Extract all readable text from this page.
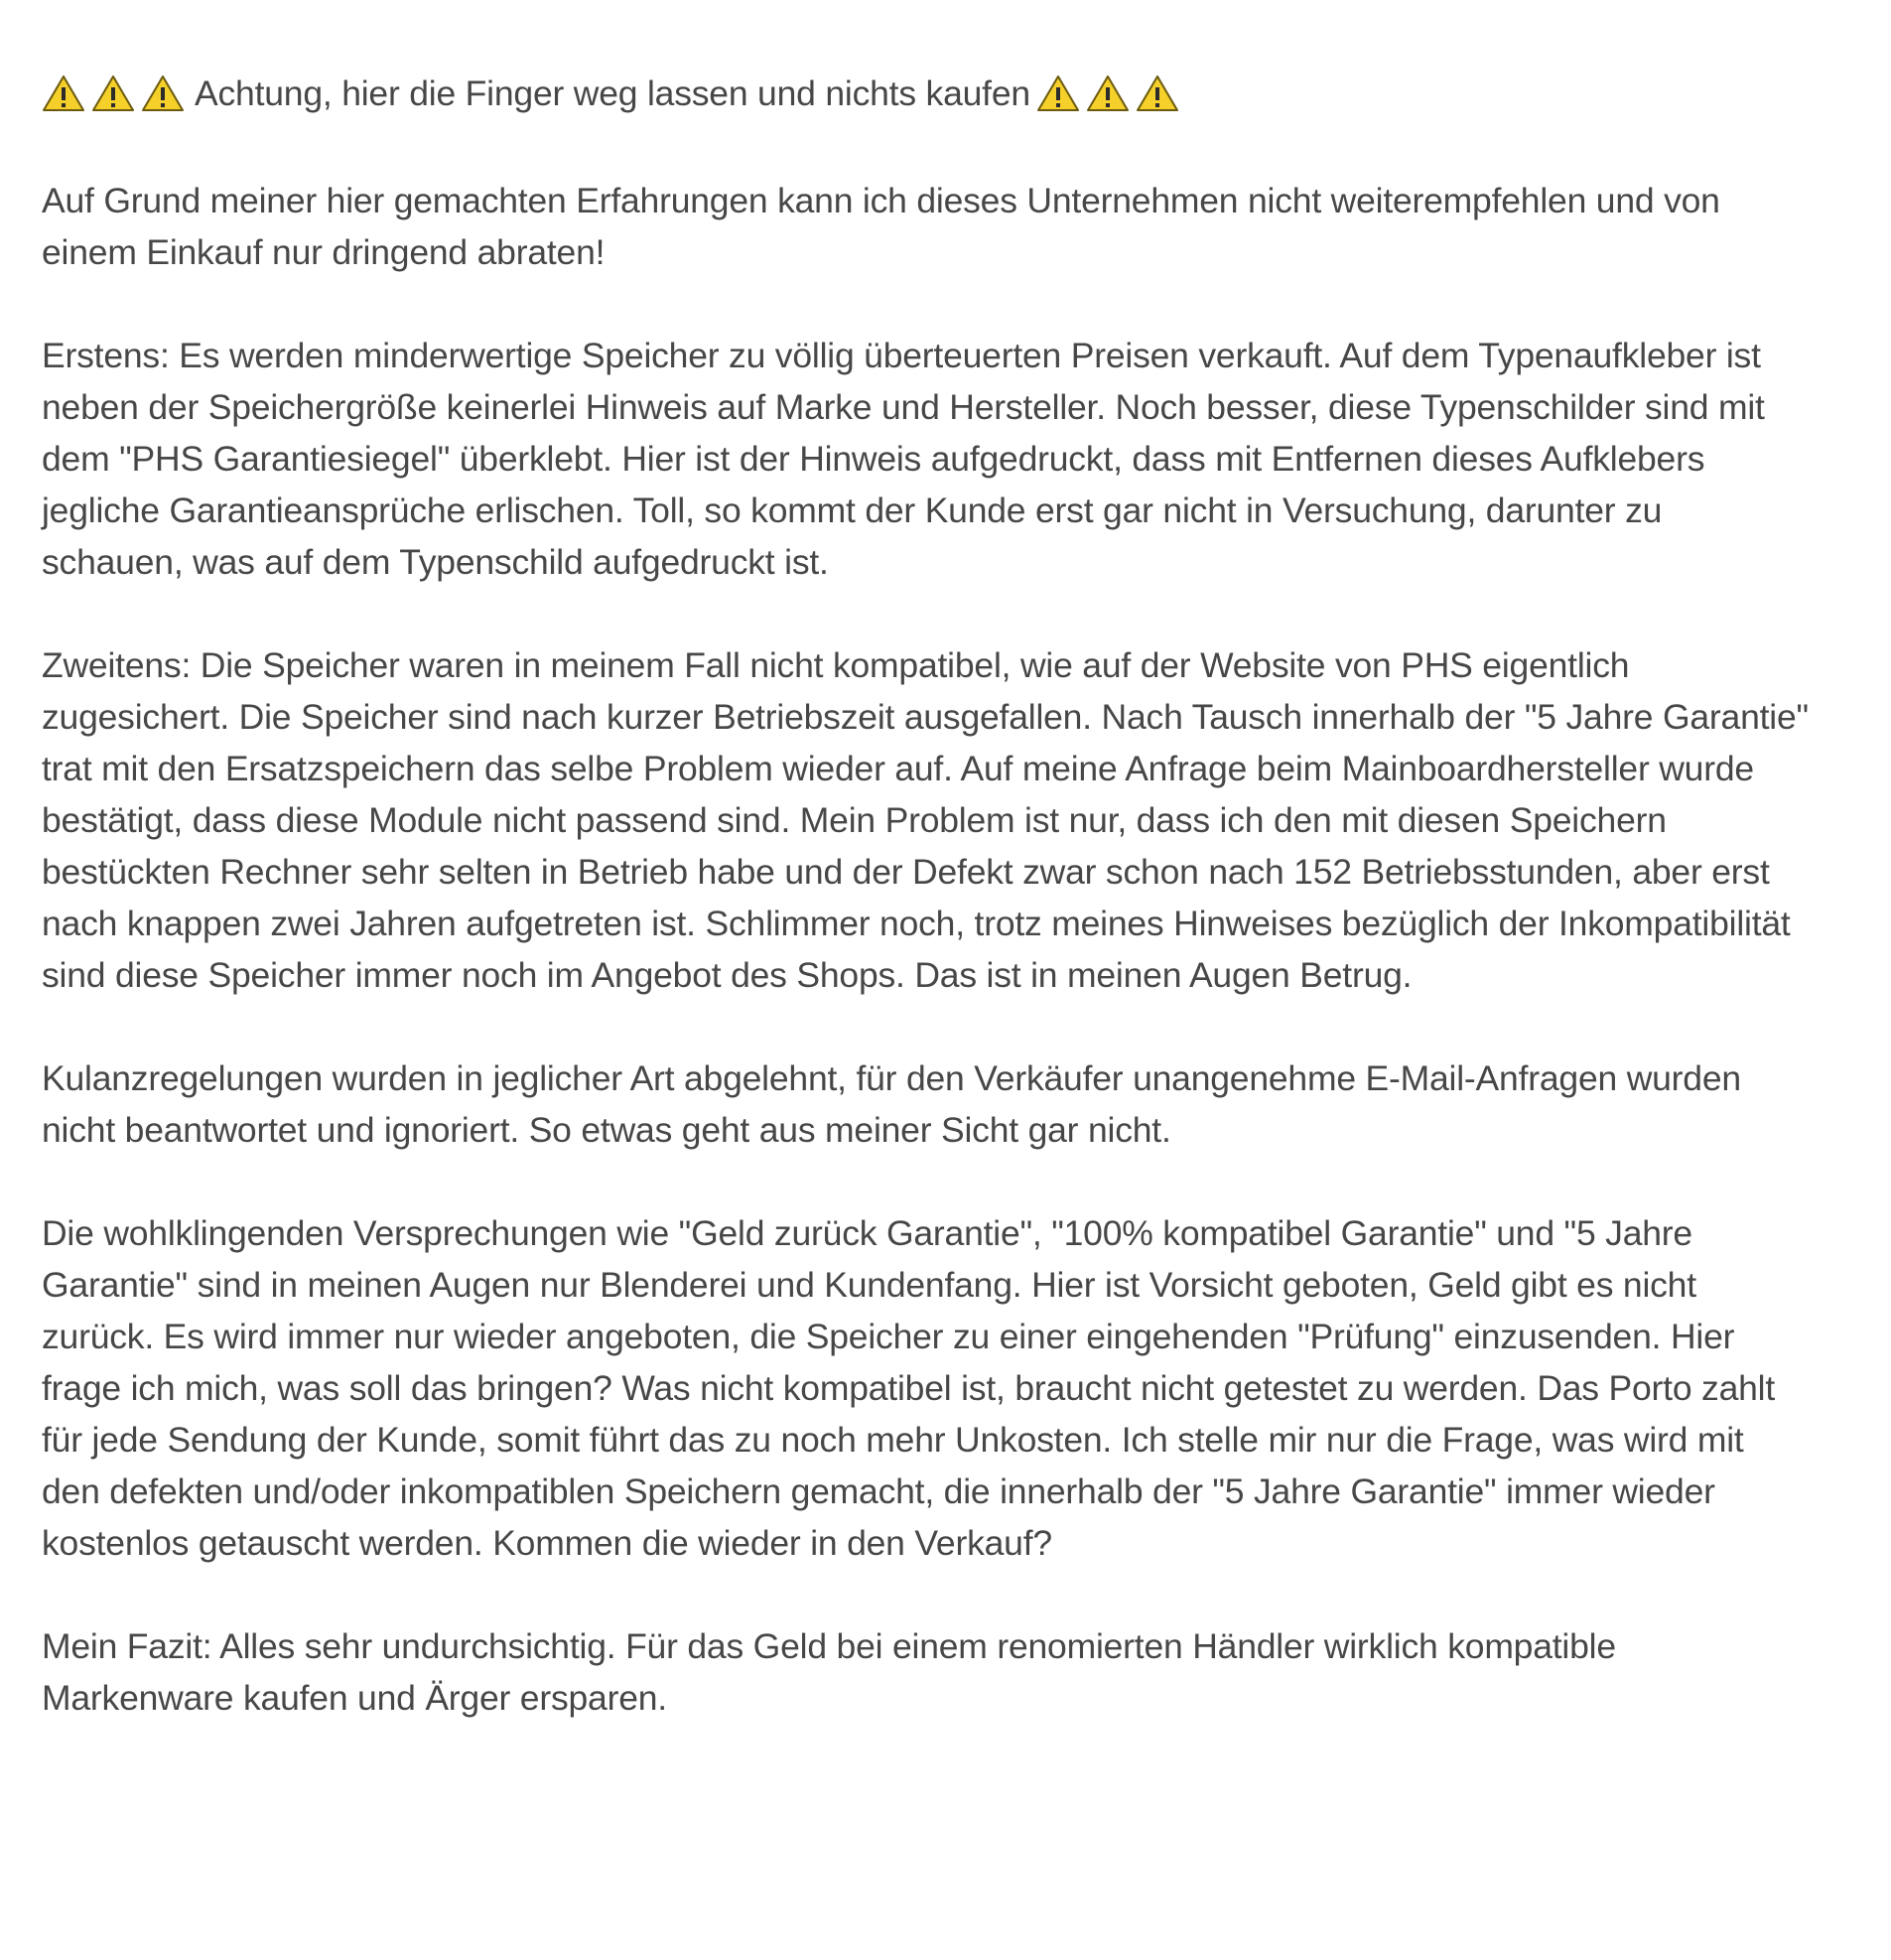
Achtung, hier die Finger weg lassen und nichts kaufen

Auf Grund meiner hier gemachten Erfahrungen kann ich dieses Unternehmen nicht weiterempfehlen und von einem Einkauf nur dringend abraten!

Erstens: Es werden minderwertige Speicher zu völlig überteuerten Preisen verkauft. Auf dem Typenaufkleber ist neben der Speichergröße keinerlei Hinweis auf Marke und Hersteller. Noch besser, diese Typenschilder sind mit dem "PHS Garantiesiegel" überklebt. Hier ist der Hinweis aufgedruckt, dass mit Entfernen dieses Aufklebers jegliche Garantieansprüche erlischen. Toll, so kommt der Kunde erst gar nicht in Versuchung, darunter zu schauen, was auf dem Typenschild aufgedruckt ist.

Zweitens: Die Speicher waren in meinem Fall nicht kompatibel, wie auf der Website von PHS eigentlich zugesichert. Die Speicher sind nach kurzer Betriebszeit ausgefallen. Nach Tausch innerhalb der "5 Jahre Garantie" trat mit den Ersatzspeichern das selbe Problem wieder auf. Auf meine Anfrage beim Mainboardhersteller wurde bestätigt, dass diese Module nicht passend sind. Mein Problem ist nur, dass ich den mit diesen Speichern bestückten Rechner sehr selten in Betrieb habe und der Defekt zwar schon nach 152 Betriebsstunden, aber erst nach knappen zwei Jahren aufgetreten ist. Schlimmer noch, trotz meines Hinweises bezüglich der Inkompatibilität sind diese Speicher immer noch im Angebot des Shops. Das ist in meinen Augen Betrug.

Kulanzregelungen wurden in jeglicher Art abgelehnt, für den Verkäufer unangenehme E-Mail-Anfragen wurden nicht beantwortet und ignoriert. So etwas geht aus meiner Sicht gar nicht.

Die wohlklingenden Versprechungen wie "Geld zurück Garantie", "100% kompatibel Garantie" und "5 Jahre Garantie" sind in meinen Augen nur Blenderei und Kundenfang. Hier ist Vorsicht geboten, Geld gibt es nicht zurück. Es wird immer nur wieder angeboten, die Speicher zu einer eingehenden "Prüfung" einzusenden. Hier frage ich mich, was soll das bringen? Was nicht kompatibel ist, braucht nicht getestet zu werden. Das Porto zahlt für jede Sendung der Kunde, somit führt das zu noch mehr Unkosten. Ich stelle mir nur die Frage, was wird mit den defekten und/oder inkompatiblen Speichern gemacht, die innerhalb der "5 Jahre Garantie" immer wieder kostenlos getauscht werden. Kommen die wieder in den Verkauf?

Mein Fazit: Alles sehr undurchsichtig. Für das Geld bei einem renomierten Händler wirklich kompatible Markenware kaufen und Ärger ersparen.
